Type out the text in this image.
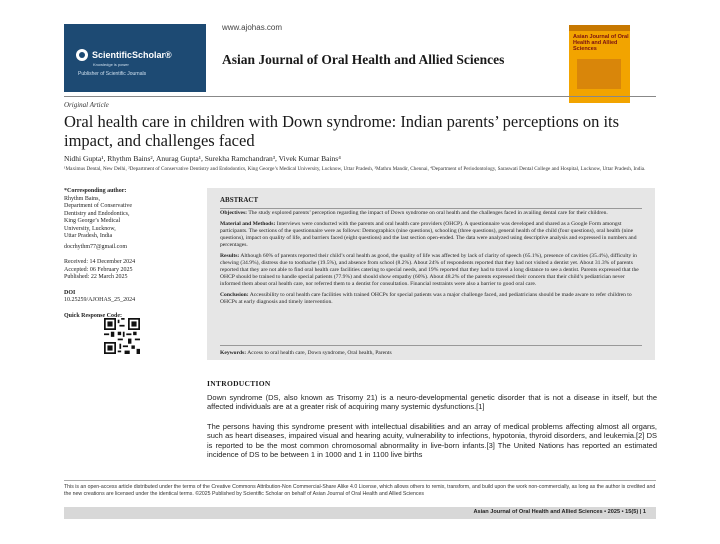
www.ajohas.com
ScientificScholar®
Knowledge is power
Publisher of Scientific Journals
Asian Journal of Oral Health and Allied Sciences
Asian Journal of Oral Health and Allied Sciences
Original Article
Oral health care in children with Down syndrome: Indian parents’ perceptions on its impact, and challenges faced
Nidhi Gupta¹, Rhythm Bains², Anurag Gupta¹, Surekha Ramchandran³, Vivek Kumar Bains⁴
¹Maximus Dental, New Delhi, ²Department of Conservative Dentistry and Endodontics, King George’s Medical University, Lucknow, Uttar Pradesh, ³Mathru Mandir, Chennai, ⁴Department of Periodontology, Saraswati Dental College and Hospital, Lucknow, Uttar Pradesh, India.
*Corresponding author:
Rhythm Bains,
Department of Conservative
Dentistry and Endodontics,
King George’s Medical
University, Lucknow,
Uttar Pradesh, India
docrhythm77@gmail.com
Received: 14 December 2024
Accepted: 06 February 2025
Published: 22 March 2025
DOI
10.25259/AJOHAS_25_2024
Quick Response Code:
ABSTRACT

Objectives: The study explored parents’ perception regarding the impact of Down syndrome on oral health and the challenges faced in availing dental care for their children.

Material and Methods: Interviews were conducted with the parents and oral health care providers (OHCP). A questionnaire was developed and shared as a Google Form amongst participants. The sections of the questionnaire were as follows: Demographics (nine questions), schooling (three questions), general health of the child (four questions), oral health (nine questions), impact on quality of life, and barriers faced (eight questions) and the last section open-ended. The data were analyzed using descriptive analysis and expressed in numbers and percentages.

Results: Although 60% of parents reported their child’s oral health as good, the quality of life was affected by lack of clarity of speech (65.1%), presence of cavities (35.4%), difficulty in chewing (34.9%), distress due to toothache (19.5%), and absence from school (8.2%). About 24% of respondents reported that they had not visited a dentist yet. About 31.3% of parents reported that they are not able to find oral health care facilities catering to special needs, and 19% reported that they had to travel a long distance to see a dentist. Parents expressed that the OHCP should be trained to handle special patients (77.9%) and should show empathy (60%). About 48.2% of the parents expressed their concern that their child’s pediatrician never informed them about oral health care, nor referred them to a dentist for consultation. Financial restraints were also a barrier to good oral care.

Conclusion: Accessibility to oral health care facilities with trained OHCPs for special patients was a major challenge faced, and pediatricians should be made aware to refer children to OHCPs at early diagnosis and timely intervention.

Keywords: Access to oral health care, Down syndrome, Oral health, Parents

INTRODUCTION
Down syndrome (DS, also known as Trisomy 21) is a neuro-developmental genetic disorder that is not a disease in itself, but the affected individuals are at a greater risk of acquiring many systemic dysfunctions.[1]
The persons having this syndrome present with intellectual disabilities and an array of medical problems affecting almost all organs, such as heart diseases, impaired visual and hearing acuity, vulnerability to infections, hypotonia, thyroid disorders, and leukemia.[2] DS is reported to be the most common chromosomal abnormality in live-born infants.[3] The United Nations has reported an estimated incidence of DS to be between 1 in 1000 and 1 in 1100 live births
This is an open-access article distributed under the terms of the Creative Commons Attribution-Non Commercial-Share Alike 4.0 License, which allows others to remix, transform, and build upon the work non-commercially, as long as the author is credited and the new creations are licensed under the identical terms. ©2025 Published by Scientific Scholar on behalf of Asian Journal of Oral Health and Allied Sciences
Asian Journal of Oral Health and Allied Sciences • 2025 • 15(5) | 1
